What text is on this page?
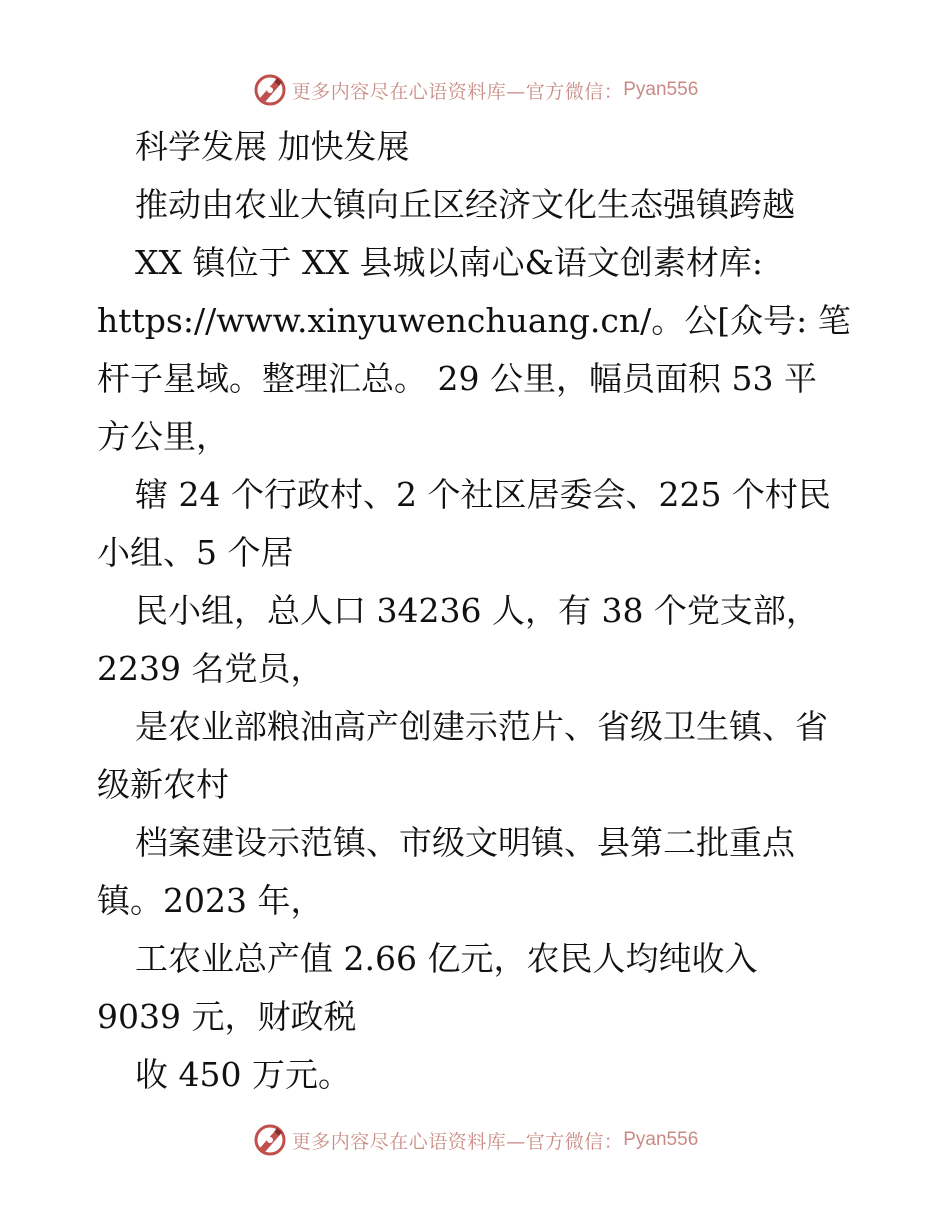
更多内容尽在心语资料库—官方微信： Pyan556
科学发展 加快发展
推动由农业大镇向丘区经济文化生态强镇跨越
XX 镇位于 XX 县城以南心&语文创素材库:
https://www.xinyuwenchuang.cn/。公[众号: 笔
杆子星域。整理汇总。 29 公里，幅员面积 53 平
方公里，
辖 24 个行政村、2 个社区居委会、225 个村民
小组、5 个居
民小组，总人口 34236 人，有 38 个党支部，
2239 名党员，
是农业部粮油高产创建示范片、省级卫生镇、省
级新农村
档案建设示范镇、市级文明镇、县第二批重点
镇。2023 年，
工农业总产值 2.66 亿元，农民人均纯收入
9039 元，财政税
收 450 万元。
更多内容尽在心语资料库—官方微信： Pyan556
